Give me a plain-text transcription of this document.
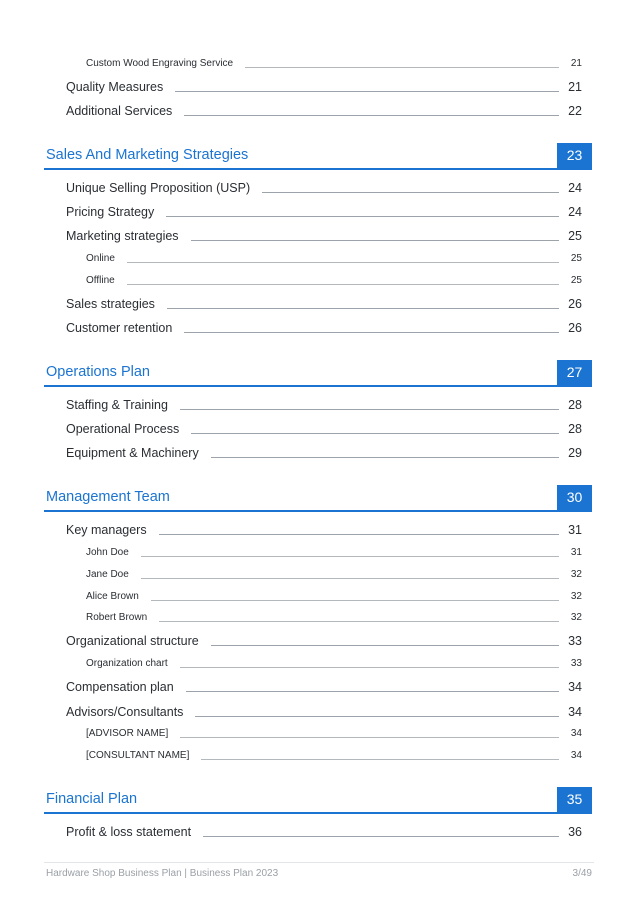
Custom Wood Engraving Service	21
Quality Measures	21
Additional Services	22
Sales And Marketing Strategies	23
Unique Selling Proposition (USP)	24
Pricing Strategy	24
Marketing strategies	25
Online	25
Offline	25
Sales strategies	26
Customer retention	26
Operations Plan	27
Staffing & Training	28
Operational Process	28
Equipment & Machinery	29
Management Team	30
Key managers	31
John Doe	31
Jane Doe	32
Alice Brown	32
Robert Brown	32
Organizational structure	33
Organization chart	33
Compensation plan	34
Advisors/Consultants	34
[ADVISOR NAME]	34
[CONSULTANT NAME]	34
Financial Plan	35
Profit & loss statement	36
Hardware Shop Business Plan | Business Plan 2023	3/49
